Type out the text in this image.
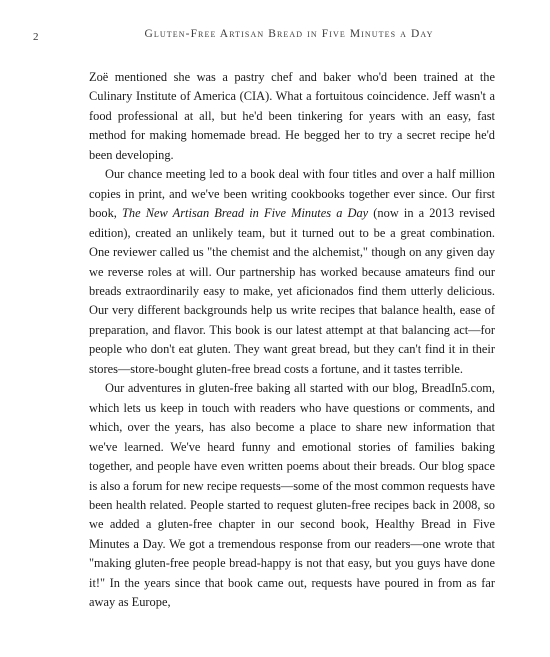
2	Gluten-Free Artisan Bread in Five Minutes a Day

Zoë mentioned she was a pastry chef and baker who'd been trained at the Culinary Institute of America (CIA). What a fortuitous coincidence. Jeff wasn't a food professional at all, but he'd been tinkering for years with an easy, fast method for making homemade bread. He begged her to try a secret recipe he'd been developing.

Our chance meeting led to a book deal with four titles and over a half million copies in print, and we've been writing cookbooks together ever since. Our first book, The New Artisan Bread in Five Minutes a Day (now in a 2013 revised edition), created an unlikely team, but it turned out to be a great combination. One reviewer called us "the chemist and the alchemist," though on any given day we reverse roles at will. Our partnership has worked because amateurs find our breads extraordinarily easy to make, yet aficionados find them utterly delicious. Our very different backgrounds help us write recipes that balance health, ease of preparation, and flavor. This book is our latest attempt at that balancing act—for people who don't eat gluten. They want great bread, but they can't find it in their stores—store-bought gluten-free bread costs a fortune, and it tastes terrible.

Our adventures in gluten-free baking all started with our blog, BreadIn5.com, which lets us keep in touch with readers who have questions or comments, and which, over the years, has also become a place to share new information that we've learned. We've heard funny and emotional stories of families baking together, and people have even written poems about their breads. Our blog space is also a forum for new recipe requests—some of the most common requests have been health related. People started to request gluten-free recipes back in 2008, so we added a gluten-free chapter in our second book, Healthy Bread in Five Minutes a Day. We got a tremendous response from our readers—one wrote that "making gluten-free people bread-happy is not that easy, but you guys have done it!" In the years since that book came out, requests have poured in from as far away as Europe,
